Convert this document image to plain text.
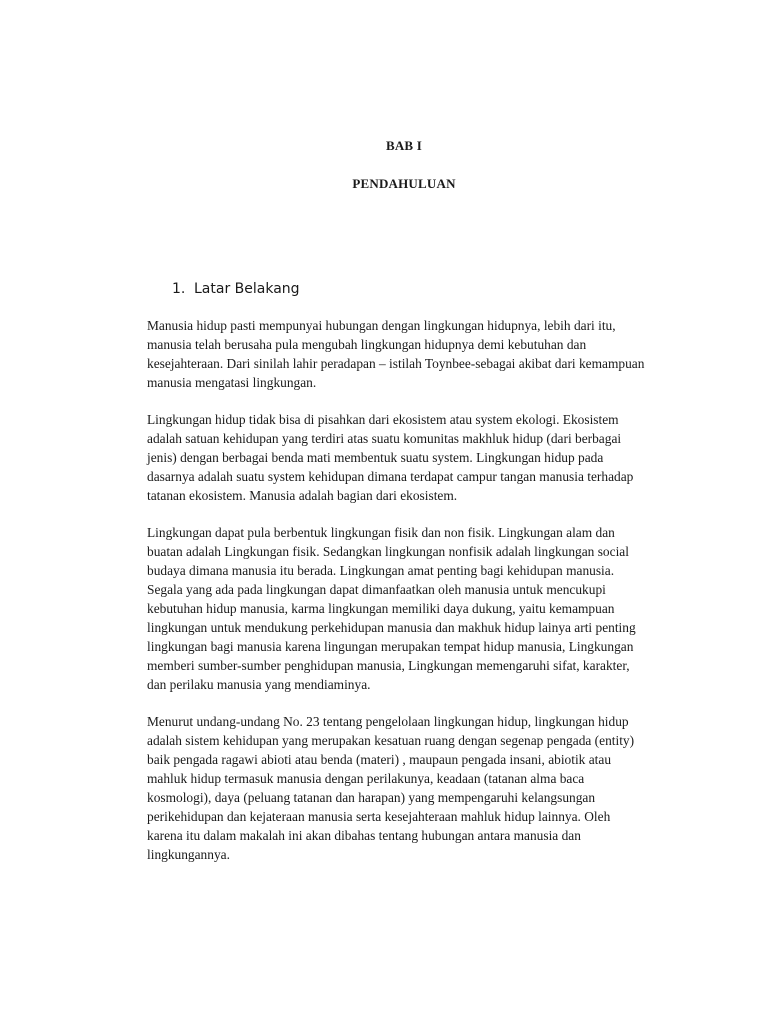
BAB I
PENDAHULUAN
1. Latar Belakang

Manusia hidup pasti mempunyai hubungan dengan lingkungan hidupnya, lebih dari itu, manusia telah berusaha pula mengubah lingkungan hidupnya demi kebutuhan dan kesejahteraan. Dari sinilah lahir peradapan – istilah Toynbee-sebagai akibat dari kemampuan manusia mengatasi lingkungan.

Lingkungan hidup tidak bisa di pisahkan dari ekosistem atau system ekologi. Ekosistem adalah satuan kehidupan yang terdiri atas suatu komunitas makhluk hidup (dari berbagai jenis) dengan berbagai benda mati membentuk suatu system. Lingkungan hidup pada dasarnya adalah suatu system kehidupan dimana terdapat campur tangan manusia terhadap tatanan ekosistem. Manusia adalah bagian dari ekosistem.

Lingkungan dapat pula berbentuk lingkungan fisik dan non fisik. Lingkungan alam dan buatan adalah Lingkungan fisik. Sedangkan lingkungan nonfisik adalah lingkungan social budaya dimana manusia itu berada. Lingkungan amat penting bagi kehidupan manusia. Segala yang ada pada lingkungan dapat dimanfaatkan oleh manusia untuk mencukupi kebutuhan hidup manusia, karma lingkungan memiliki daya dukung, yaitu kemampuan lingkungan untuk mendukung perkehidupan manusia dan makhuk hidup lainya arti penting lingkungan bagi manusia karena lingungan merupakan tempat hidup manusia, Lingkungan memberi sumber-sumber penghidupan manusia, Lingkungan memengaruhi sifat, karakter, dan perilaku manusia yang mendiaminya.

Menurut undang-undang No. 23 tentang pengelolaan lingkungan hidup, lingkungan hidup adalah sistem kehidupan yang merupakan kesatuan ruang dengan segenap pengada (entity) baik pengada ragawi abioti atau benda (materi) , maupaun pengada insani, abiotik atau mahluk hidup termasuk manusia dengan perilakunya, keadaan (tatanan alma baca kosmologi), daya (peluang tatanan dan harapan) yang mempengaruhi kelangsungan perikehidupan dan kejateraan manusia serta kesejahteraan mahluk hidup lainnya. Oleh karena itu dalam makalah ini akan dibahas tentang hubungan antara manusia dan lingkungannya.
